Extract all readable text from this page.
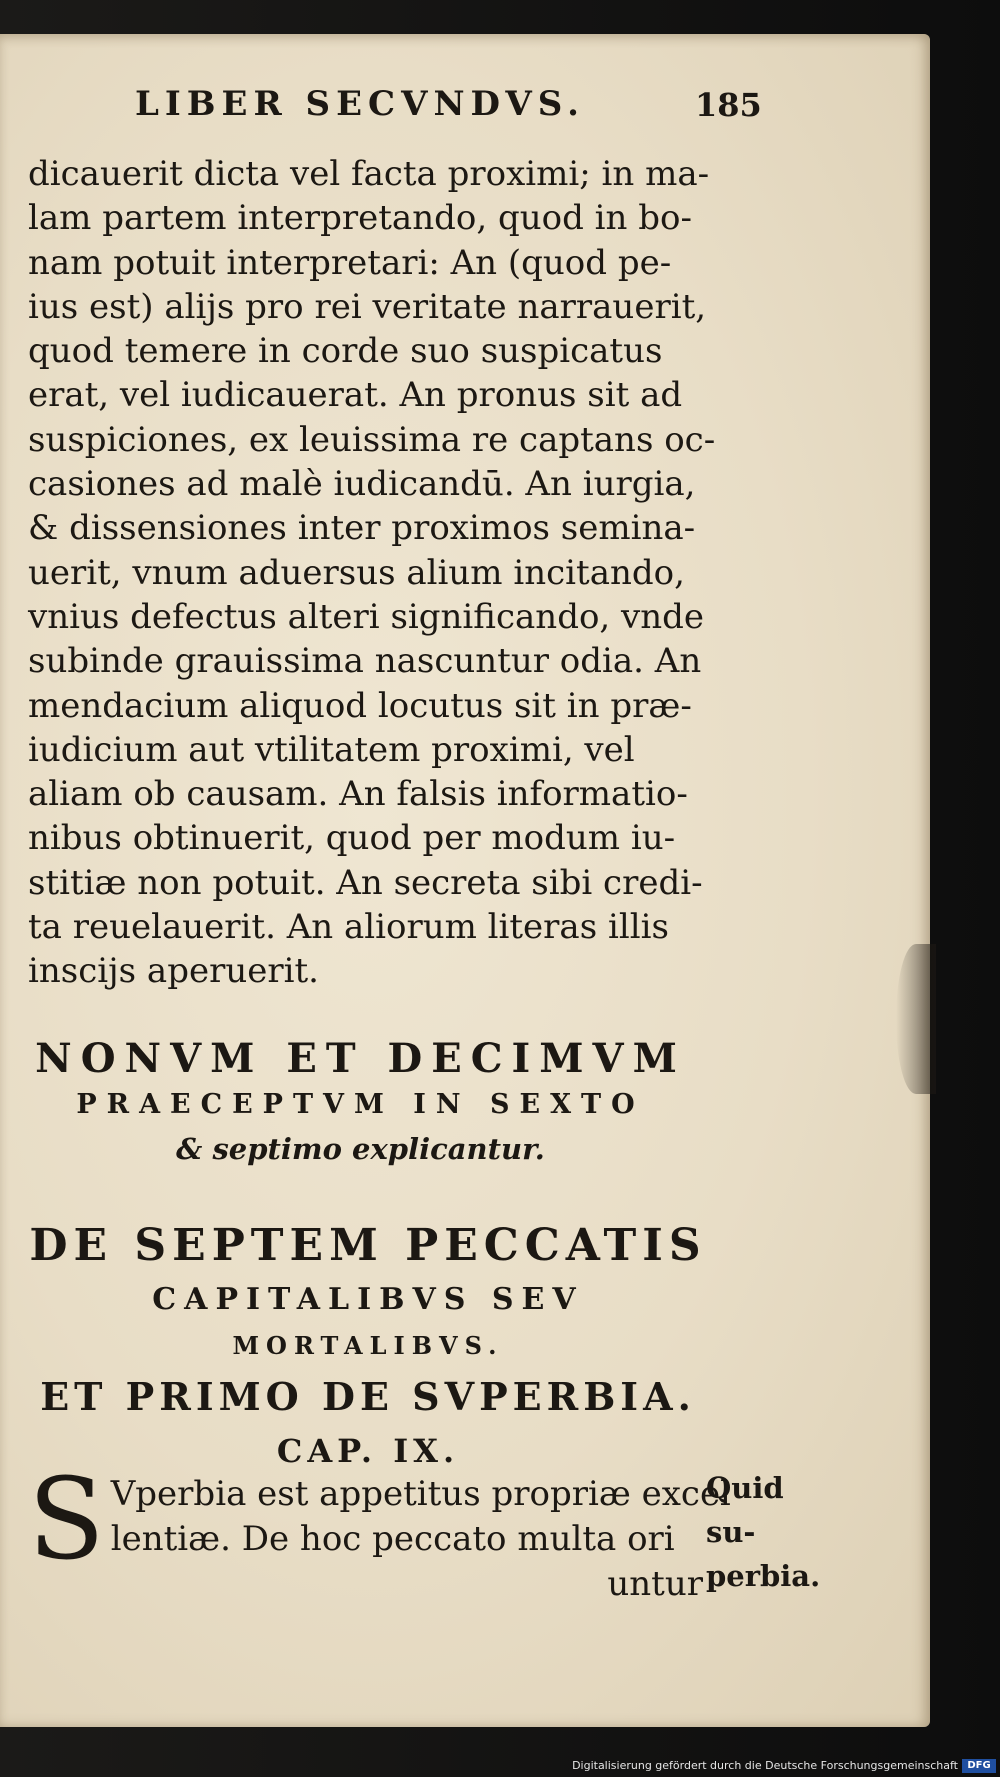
LIBER SECVNDVS.	185
dicauerit dicta vel facta proximi; in ma-
lam partem interpretando, quod in bo-
nam potuit interpretari: An (quod pe-
ius est) alijs pro rei veritate narrauerit,
quod temere in corde suo suspicatus
erat, vel iudicauerat. An pronus sit ad
suspiciones, ex leuissima re captans oc-
casiones ad malè iudicandū. An iurgia,
& dissensiones inter proximos semina-
uerit, vnum aduersus alium incitando,
vnius defectus alteri significando, vnde
subinde grauissima nascuntur odia. An
mendacium aliquod locutus sit in præ-
iudicium aut vtilitatem proximi, vel
aliam ob causam. An falsis informatio-
nibus obtinuerit, quod per modum iu-
stitiæ non potuit. An secreta sibi credi-
ta reuelauerit. An aliorum literas illis
inscijs aperuerit.
NONVM ET DECIMVM
PRAECEPTVM IN SEXTO
& septimo explicantur.
DE SEPTEM PECCATIS
CAPITALIBVS SEV
MORTALIBVS.
ET PRIMO DE SVPERBIA.
CAP. IX.
S Vperbia est appetitus propriæ excel
lentiæ. De hoc peccato multa ori
untur
Quid su-
perbia.
Digitalisierung gefördert durch die Deutsche Forschungsgemeinschaft DFG
